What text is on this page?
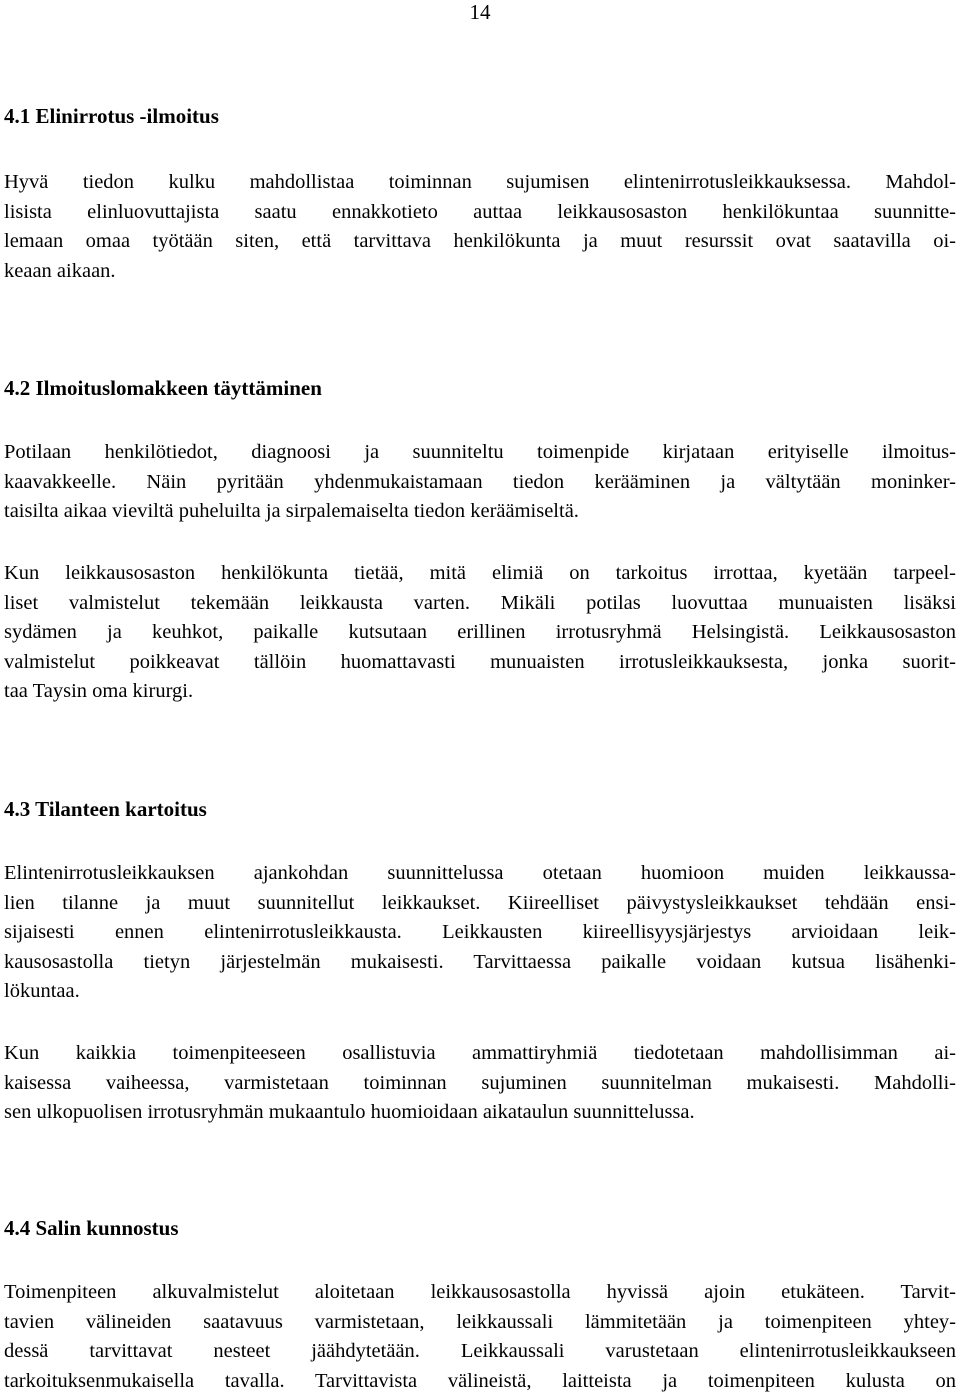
14
4.1 Elinirrotus -ilmoitus
Hyvä tiedon kulku mahdollistaa toiminnan sujumisen elintenirrotusleikkauksessa. Mahdol-
lisista elinluovuttajista saatu ennakkotieto auttaa leikkausosaston henkilökuntaa suunnitte-
lemaan omaa työtään siten, että tarvittava henkilökunta ja muut resurssit ovat saatavilla oi-
keaan aikaan.
4.2 Ilmoituslomakkeen täyttäminen
Potilaan henkilötiedot, diagnoosi ja suunniteltu toimenpide kirjataan erityiselle ilmoitus-
kaavakkeelle. Näin pyritään yhdenmukaistamaan tiedon kerääminen ja vältytään moninker-
taisilta aikaa vieviltä puheluilta ja sirpalemaiselta tiedon keräämiseltä.
Kun leikkausosaston henkilökunta tietää, mitä elimiä on tarkoitus irrottaa, kyetään tarpeel-
liset valmistelut tekemään leikkausta varten. Mikäli potilas luovuttaa munuaisten lisäksi
sydämen ja keuhkot, paikalle kutsutaan erillinen irrotusryhmä Helsingistä. Leikkausosaston
valmistelut poikkeavat tällöin huomattavasti munuaisten irrotusleikkauksesta, jonka suorit-
taa Taysin oma kirurgi.
4.3 Tilanteen kartoitus
Elintenirrotusleikkauksen ajankohdan suunnittelussa otetaan huomioon muiden leikkaussa-
lien tilanne ja muut suunnitellut leikkaukset. Kiireelliset päivystysleikkaukset tehdään ensi-
sijaisesti ennen elintenirrotusleikkausta. Leikkausten kiireellisyysjärjestys arvioidaan leik-
kausosastolla tietyn järjestelmän mukaisesti. Tarvittaessa paikalle voidaan kutsua lisähenki-
lökuntaa.
Kun kaikkia toimenpiteeseen osallistuvia ammattiryhmiä tiedotetaan mahdollisimman ai-
kaisessa vaiheessa, varmistetaan toiminnan sujuminen suunnitelman mukaisesti. Mahdolli-
sen ulkopuolisen irrotusryhmän mukaantulo huomioidaan aikataulun suunnittelussa.
4.4 Salin kunnostus
Toimenpiteen alkuvalmistelut aloitetaan leikkausosastolla hyvissä ajoin etukäteen. Tarvit-
tavien välineiden saatavuus varmistetaan, leikkaussali lämmitetään ja toimenpiteen yhtey-
dessä tarvittavat nesteet jäähdytetään. Leikkaussali varustetaan elintenirrotusleikkaukseen
tarkoituksenmukaisella tavalla. Tarvittavista välineistä, laitteista ja toimenpiteen kulusta on
